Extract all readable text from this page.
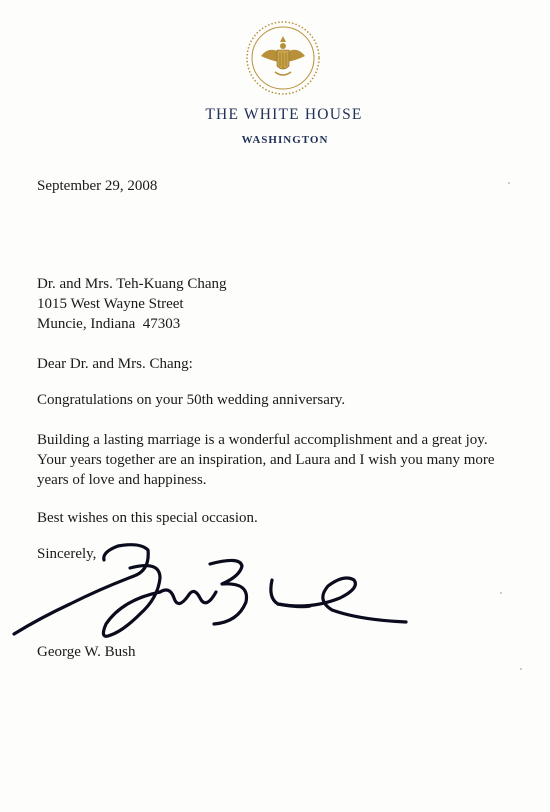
THE WHITE HOUSE
WASHINGTON
September 29, 2008
Dr. and Mrs. Teh-Kuang Chang
1015 West Wayne Street
Muncie, Indiana  47303
Dear Dr. and Mrs. Chang:
Congratulations on your 50th wedding anniversary.
Building a lasting marriage is a wonderful accomplishment and a great joy.  Your years together are an inspiration, and Laura and I wish you many more years of love and happiness.
Best wishes on this special occasion.
Sincerely,
George W. Bush
